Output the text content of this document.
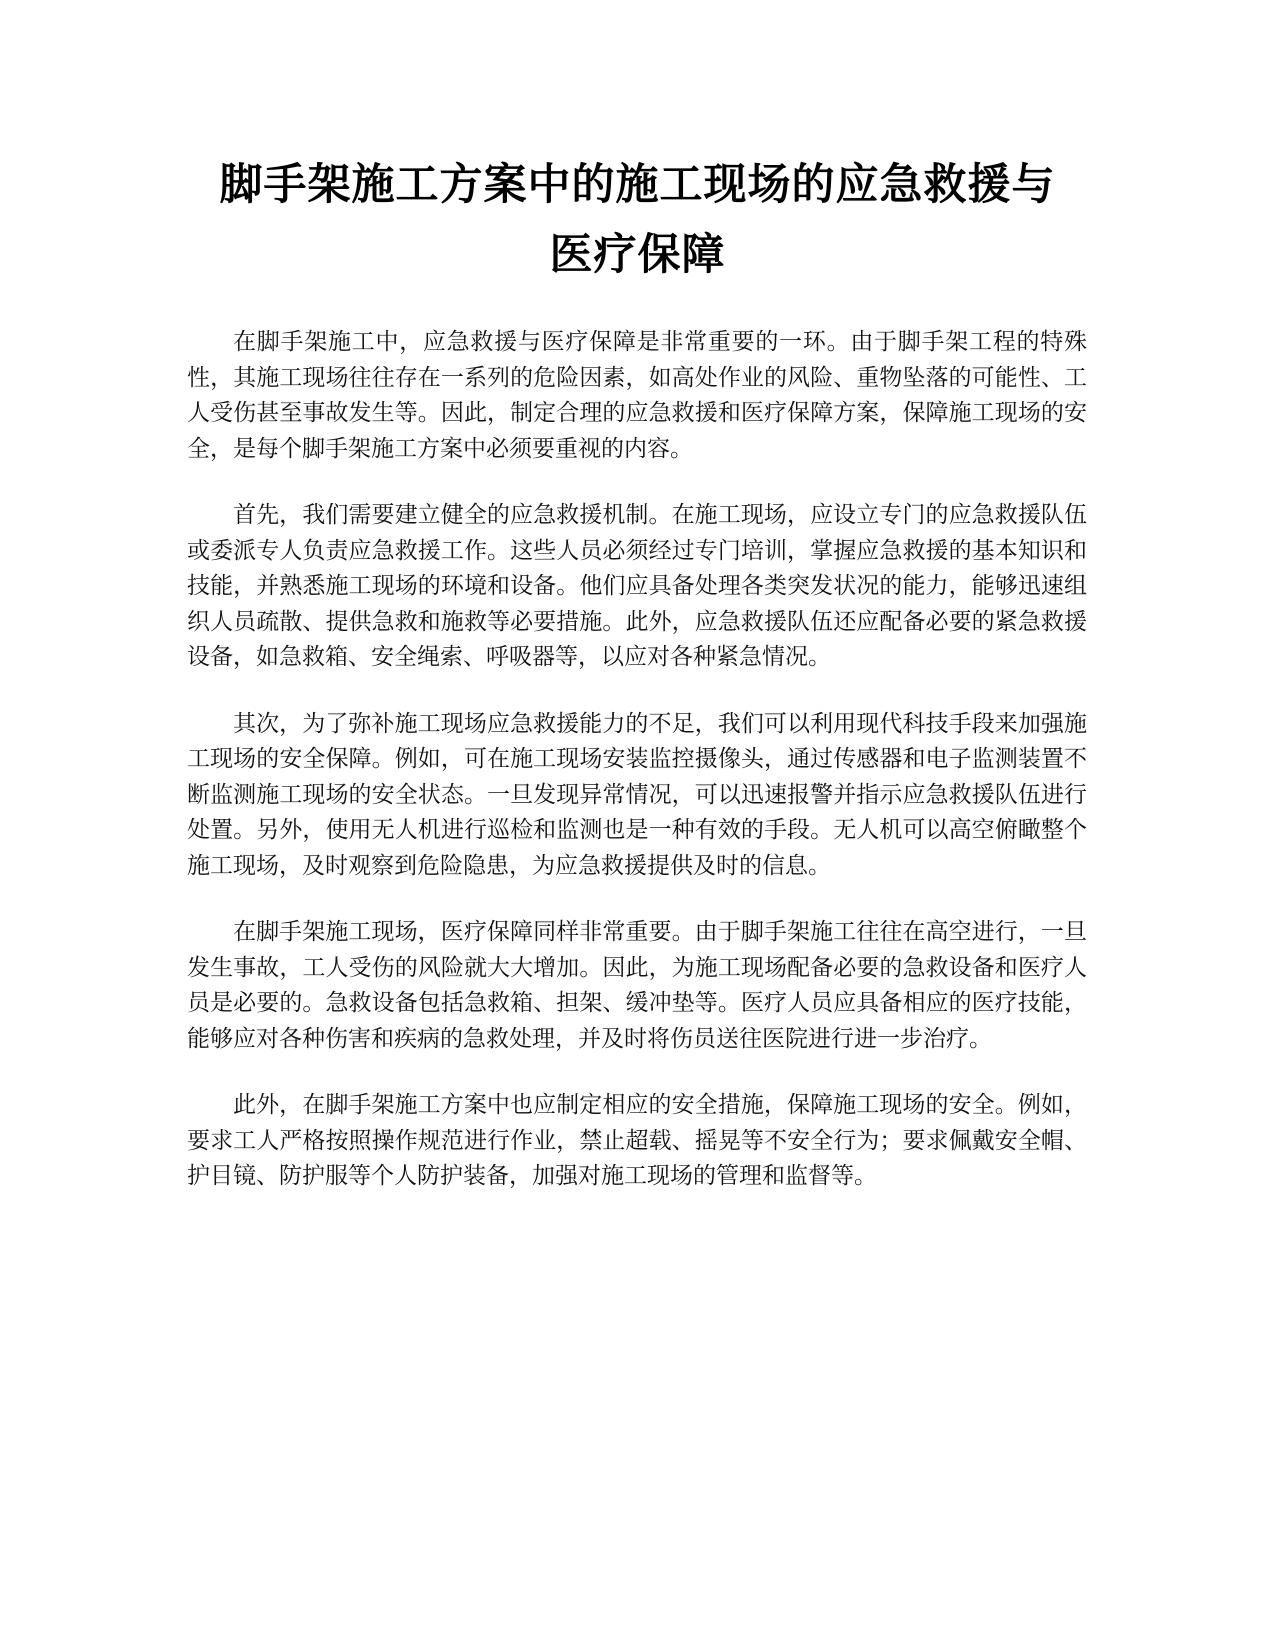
脚手架施工方案中的施工现场的应急救援与
医疗保障

在脚手架施工中，应急救援与医疗保障是非常重要的一环。由于脚手架工程的特殊性，其施工现场往往存在一系列的危险因素，如高处作业的风险、重物坠落的可能性、工人受伤甚至事故发生等。因此，制定合理的应急救援和医疗保障方案，保障施工现场的安全，是每个脚手架施工方案中必须要重视的内容。

首先，我们需要建立健全的应急救援机制。在施工现场，应设立专门的应急救援队伍或委派专人负责应急救援工作。这些人员必须经过专门培训，掌握应急救援的基本知识和技能，并熟悉施工现场的环境和设备。他们应具备处理各类突发状况的能力，能够迅速组织人员疏散、提供急救和施救等必要措施。此外，应急救援队伍还应配备必要的紧急救援设备，如急救箱、安全绳索、呼吸器等，以应对各种紧急情况。

其次，为了弥补施工现场应急救援能力的不足，我们可以利用现代科技手段来加强施工现场的安全保障。例如，可在施工现场安装监控摄像头，通过传感器和电子监测装置不断监测施工现场的安全状态。一旦发现异常情况，可以迅速报警并指示应急救援队伍进行处置。另外，使用无人机进行巡检和监测也是一种有效的手段。无人机可以高空俯瞰整个施工现场，及时观察到危险隐患，为应急救援提供及时的信息。

在脚手架施工现场，医疗保障同样非常重要。由于脚手架施工往往在高空进行，一旦发生事故，工人受伤的风险就大大增加。因此，为施工现场配备必要的急救设备和医疗人员是必要的。急救设备包括急救箱、担架、缓冲垫等。医疗人员应具备相应的医疗技能，能够应对各种伤害和疾病的急救处理，并及时将伤员送往医院进行进一步治疗。

此外，在脚手架施工方案中也应制定相应的安全措施，保障施工现场的安全。例如，要求工人严格按照操作规范进行作业，禁止超载、摇晃等不安全行为；要求佩戴安全帽、护目镜、防护服等个人防护装备，加强对施工现场的管理和监督等。
